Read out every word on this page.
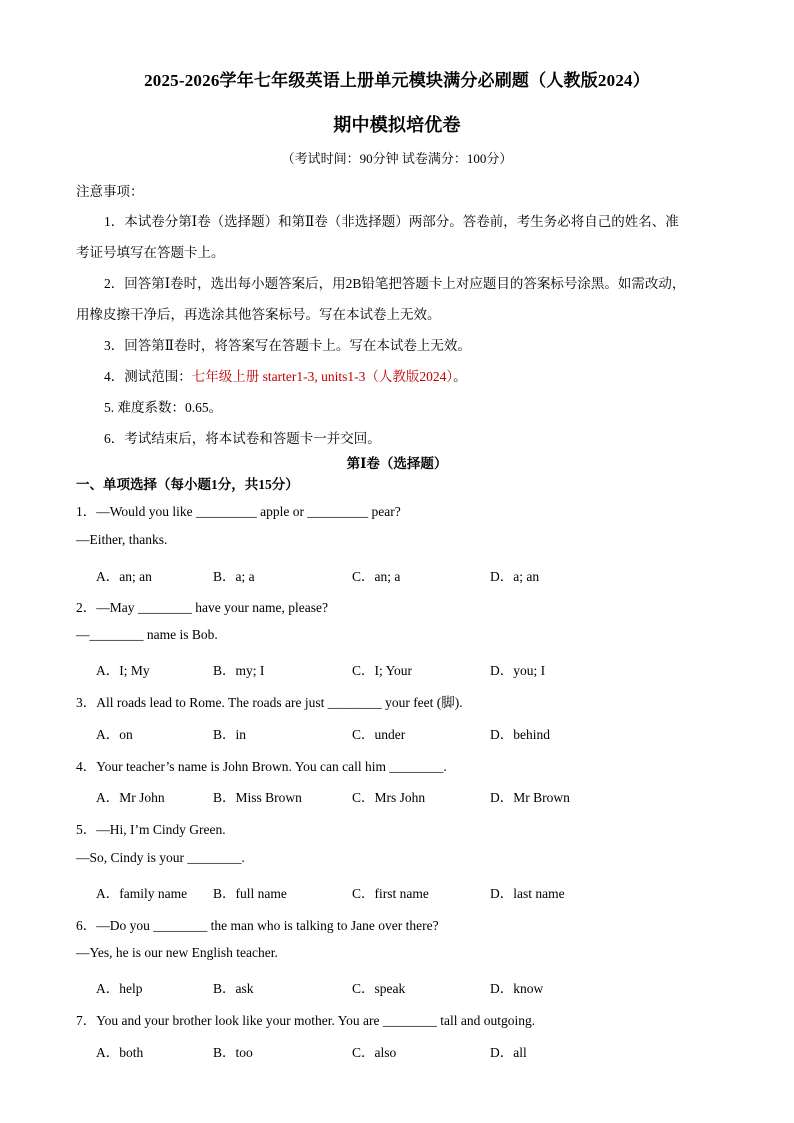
2025-2026学年七年级英语上册单元模块满分必刷题（人教版2024）
期中模拟培优卷
（考试时间：90分钟 试卷满分：100分）
注意事项：
1．本试卷分第Ⅰ卷（选择题）和第Ⅱ卷（非选择题）两部分。答卷前，考生务必将自己的姓名、准
考证号填写在答题卡上。
2．回答第Ⅰ卷时，选出每小题答案后，用2B铅笔把答题卡上对应题目的答案标号涂黑。如需改动，
用橡皮擦干净后，再选涂其他答案标号。写在本试卷上无效。
3．回答第Ⅱ卷时，将答案写在答题卡上。写在本试卷上无效。
4．测试范围：七年级上册 starter1-3, units1-3（人教版2024）。
5. 难度系数：0.65。
6．考试结束后，将本试卷和答题卡一并交回。
第Ⅰ卷（选择题）
一、单项选择（每小题1分，共15分）
1．—Would you like _________ apple or _________ pear?
—Either, thanks.
A．an; an	B．a; a	C．an; a	D．a; an
2．—May ________ have your name, please?
—________ name is Bob.
A．I; My	B．my; I	C．I; Your	D．you; I
3．All roads lead to Rome. The roads are just ________ your feet (脚).
A．on	B．in	C．under	D．behind
4．Your teacher’s name is John Brown. You can call him ________.
A．Mr John	B．Miss Brown	C．Mrs John	D．Mr Brown
5．—Hi, I’m Cindy Green.
—So, Cindy is your ________.
A．family name B．full name	C．first name	D．last name
6．—Do you ________ the man who is talking to Jane over there?
—Yes, he is our new English teacher.
A．help	B．ask	C．speak	D．know
7．You and your brother look like your mother. You are ________ tall and outgoing.
A．both	B．too	C．also	D．all
